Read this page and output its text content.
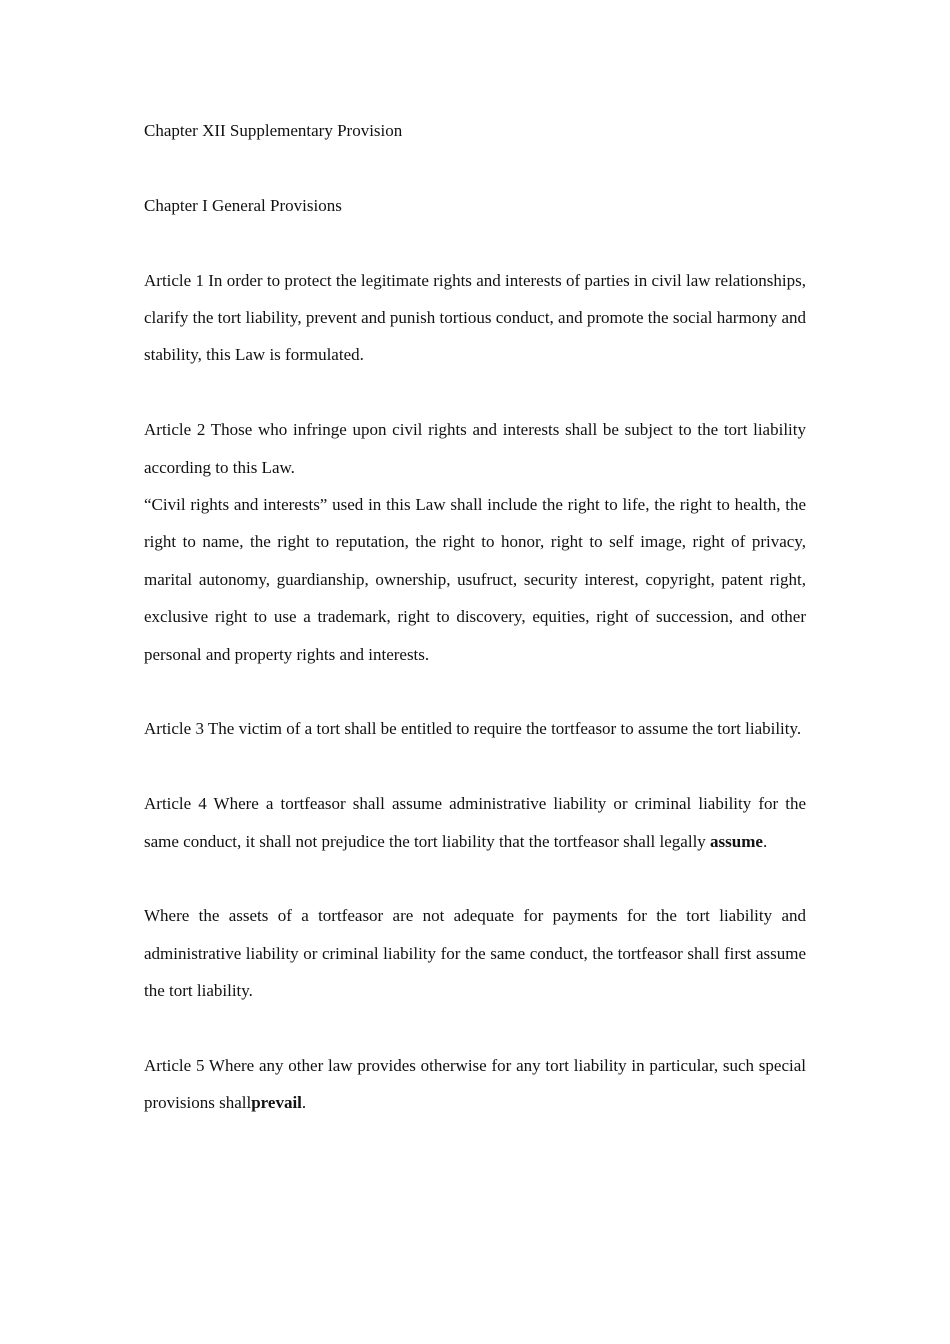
Chapter XII Supplementary Provision

Chapter I General Provisions

Article 1 In order to protect the legitimate rights and interests of parties in civil law relationships, clarify the tort liability, prevent and punish tortious conduct, and promote the social harmony and stability, this Law is formulated.

Article 2 Those who infringe upon civil rights and interests shall be subject to the tort liability according to this Law.

“Civil rights and interests” used in this Law shall include the right to life, the right to health, the right to name, the right to reputation, the right to honor, right to self image, right of privacy, marital autonomy, guardianship, ownership, usufruct, security interest, copyright, patent right, exclusive right to use a trademark, right to discovery, equities, right of succession, and other personal and property rights and interests.

Article 3 The victim of a tort shall be entitled to require the tortfeasor to assume the tort liability.

Article 4 Where a tortfeasor shall assume administrative liability or criminal liability for the same conduct, it shall not prejudice the tort liability that the tortfeasor shall legally assume.

Where the assets of a tortfeasor are not adequate for payments for the tort liability and administrative liability or criminal liability for the same conduct, the tortfeasor shall first assume the tort liability.

Article 5 Where any other law provides otherwise for any tort liability in particular, such special provisions shallprevail.
